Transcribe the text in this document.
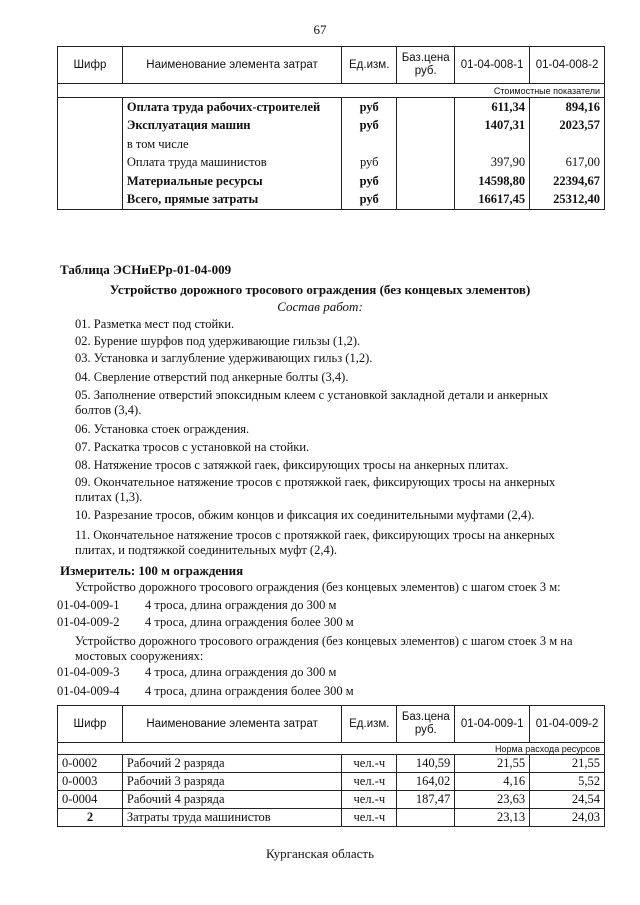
67
Шифр	Наименование элемента затрат	Ед.изм.	Баз.цена руб.	01-04-008-1	01-04-008-2
Стоимостные показатели					
	Оплата труда рабочих-строителей	руб		611,34	894,16
	Эксплуатация машин	руб		1407,31	2023,57
	в том числе				
	Оплата труда машинистов	руб		397,90	617,00
	Материальные ресурсы	руб		14598,80	22394,67
	Всего, прямые затраты	руб		16617,45	25312,40
Таблица ЭСНиЕРр-01-04-009
Устройство дорожного тросового ограждения (без концевых элементов)
Состав работ:
01. Разметка мест под стойки.
02. Бурение шурфов под удерживающие гильзы (1,2).
03. Установка и заглубление удерживающих гильз (1,2).
04. Сверление отверстий под анкерные болты (3,4).
05. Заполнение отверстий эпоксидным клеем с установкой закладной детали и анкерных болтов (3,4).
06. Установка стоек ограждения.
07. Раскатка тросов с установкой на стойки.
08. Натяжение тросов с затяжкой гаек, фиксирующих тросы на анкерных плитах.
09. Окончательное натяжение тросов с протяжкой гаек, фиксирующих тросы на анкерных плитах (1,3).
10. Разрезание тросов, обжим концов и фиксация их соединительными муфтами (2,4).
11. Окончательное натяжение тросов с протяжкой гаек, фиксирующих тросы на анкерных плитах, и подтяжкой соединительных муфт (2,4).
Измеритель: 100 м ограждения
Устройство дорожного тросового ограждения (без концевых элементов) с шагом стоек 3 м:
01-04-009-1 4 троса, длина ограждения до 300 м
01-04-009-2 4 троса, длина ограждения более 300 м
Устройство дорожного тросового ограждения (без концевых элементов) с шагом стоек 3 м на мостовых сооружениях:
01-04-009-3 4 троса, длина ограждения до 300 м
01-04-009-4 4 троса, длина ограждения более 300 м
Шифр	Наименование элемента затрат	Ед.изм.	Баз.цена руб.	01-04-009-1	01-04-009-2
Норма расхода ресурсов					
0-0002	Рабочий 2 разряда	чел.-ч	140,59	21,55	21,55
0-0003	Рабочий 3 разряда	чел.-ч	164,02	4,16	5,52
0-0004	Рабочий 4 разряда	чел.-ч	187,47	23,63	24,54
2	Затраты труда машинистов	чел.-ч		23,13	24,03
Курганская область
